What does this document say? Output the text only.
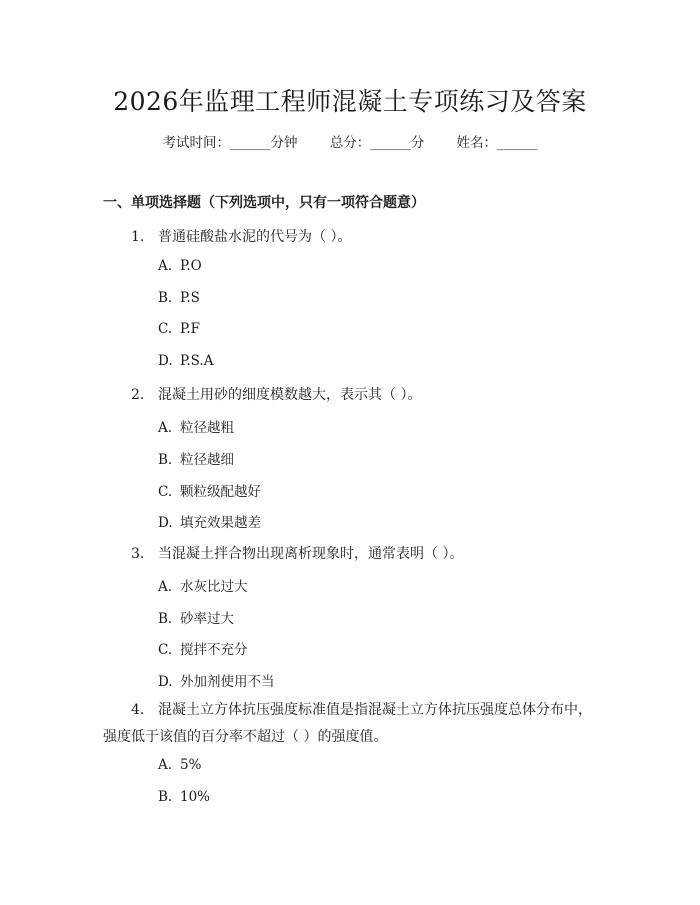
2026年监理工程师混凝土专项练习及答案
考试时间：______分钟 总分：______分 姓名：______
一、单项选择题（下列选项中，只有一项符合题意）
1. 普通硅酸盐水泥的代号为（ ）。
A. P.O
B. P.S
C. P.F
D. P.S.A
2. 混凝土用砂的细度模数越大，表示其（ ）。
A. 粒径越粗
B. 粒径越细
C. 颗粒级配越好
D. 填充效果越差
3. 当混凝土拌合物出现离析现象时，通常表明（ ）。
A. 水灰比过大
B. 砂率过大
C. 搅拌不充分
D. 外加剂使用不当
4. 混凝土立方体抗压强度标准值是指混凝土立方体抗压强度总体分布中，强度低于该值的百分率不超过（ ）的强度值。
A. 5%
B. 10%
